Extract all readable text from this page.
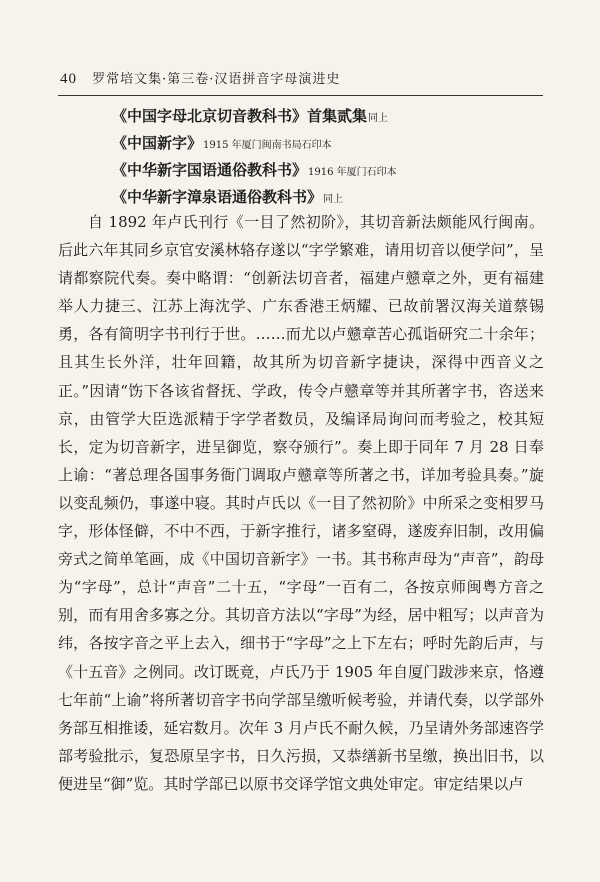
40 罗常培文集·第三卷·汉语拼音字母演进史
《中国字母北京切音教科书》首集贰集同上
《中国新字》1915 年厦门闽南书局石印本
《中华新字国语通俗教科书》1916 年厦门石印本
《中华新字漳泉语通俗教科书》同上

自 1892 年卢氏刊行《一目了然初阶》，其切音新法颇能风行闽南。后此六年其同乡京官安溪林辂存遂以“字学繁难，请用切音以便学问”，呈请都察院代奏。奏中略谓：“创新法切音者，福建卢戆章之外，更有福建举人力捷三、江苏上海沈学、广东香港王炳耀、已故前署汉海关道蔡锡勇，各有简明字书刊行于世。……而尤以卢戆章苦心孤诣研究二十余年；且其生长外洋，壮年回籍，故其所为切音新字捷诀，深得中西音义之正。”因请“饬下各该省督抚、学政，传令卢戆章等并其所著字书，咨送来京，由管学大臣选派精于字学者数员，及编译局询问而考验之，校其短长，定为切音新字，进呈御览，察夺颁行”。奏上即于同年 7 月 28 日奉上谕：“著总理各国事务衙门调取卢戆章等所著之书，详加考验具奏。”旋以变乱频仍，事遂中寝。其时卢氏以《一目了然初阶》中所采之变相罗马字，形体怪僻，不中不西，于新字推行，诸多窒碍，遂废弃旧制，改用偏旁式之简单笔画，成《中国切音新字》一书。其书称声母为“声音”，韵母为“字母”，总计“声音”二十五，“字母”一百有二，各按京师闽粤方音之别，而有用舍多寡之分。其切音方法以“字母”为经，居中粗写；以声音为纬，各按字音之平上去入，细书于“字母”之上下左右；呼时先韵后声，与《十五音》之例同。改订既竟，卢氏乃于 1905 年自厦门跋涉来京，恪遵七年前“上谕”将所著切音字书向学部呈缴听候考验，并请代奏，以学部外务部互相推诿，延宕数月。次年 3 月卢氏不耐久候，乃呈请外务部速咨学部考验批示，复恐原呈字书，日久污损，又恭缮新书呈缴，换出旧书，以便进呈“御”览。其时学部已以原书交译学馆文典处审定。审定结果以卢
